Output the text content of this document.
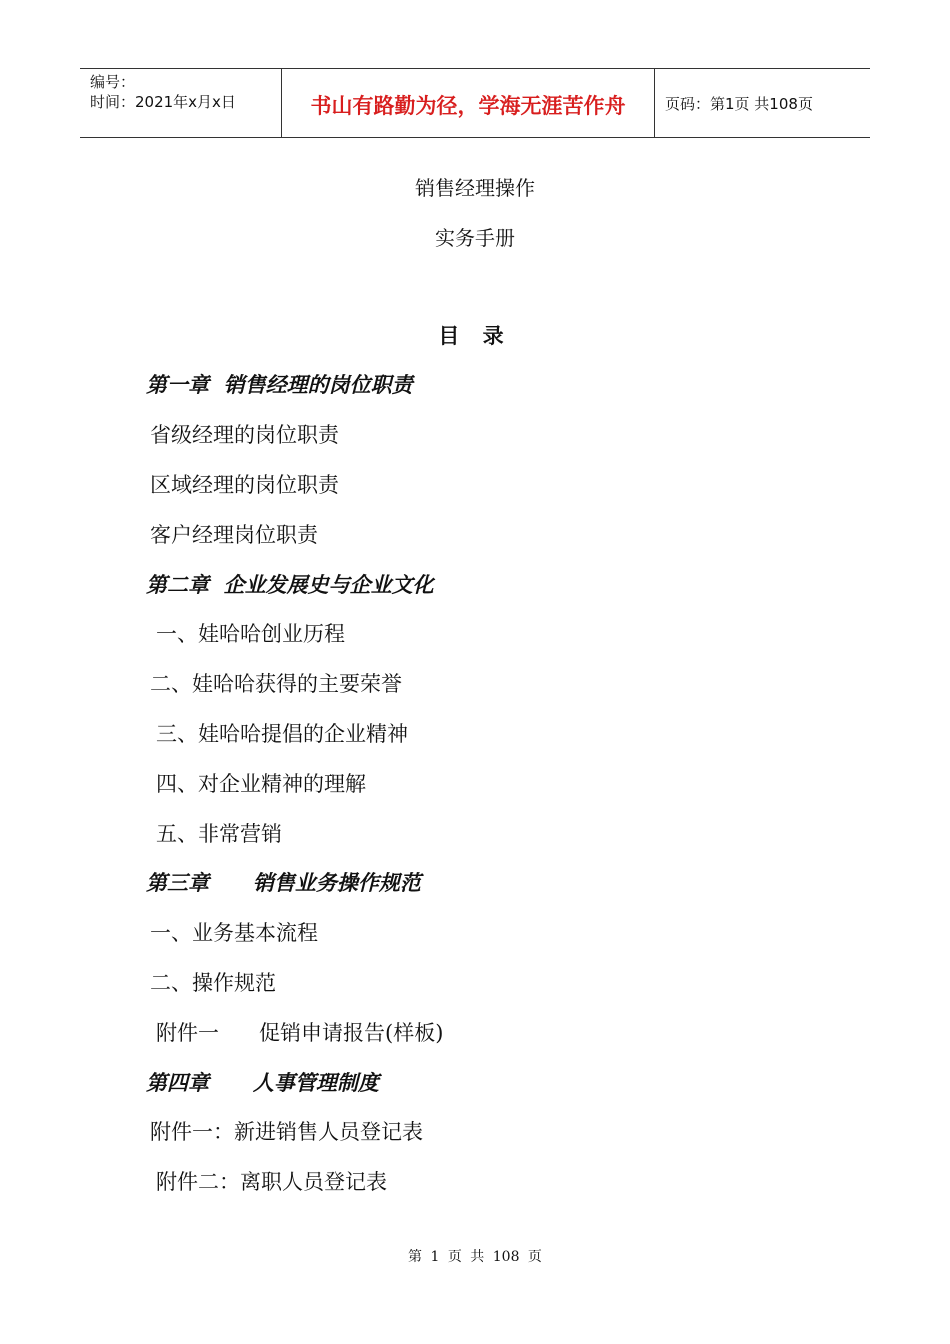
编号：
时间：2021年x月x日	书山有路勤为径，学海无涯苦作舟	页码：第1页 共108页
销售经理操作
实务手册
目 录
第一章  销售经理的岗位职责
省级经理的岗位职责
区域经理的岗位职责
客户经理岗位职责
第二章  企业发展史与企业文化
一、娃哈哈创业历程
二、娃哈哈获得的主要荣誉
三、娃哈哈提倡的企业精神
四、对企业精神的理解
五、非常营销
第三章      销售业务操作规范
一、业务基本流程
二、操作规范
附件一      促销申请报告(样板)
第四章      人事管理制度
附件一：新进销售人员登记表
附件二：离职人员登记表
第 1 页 共 108 页
